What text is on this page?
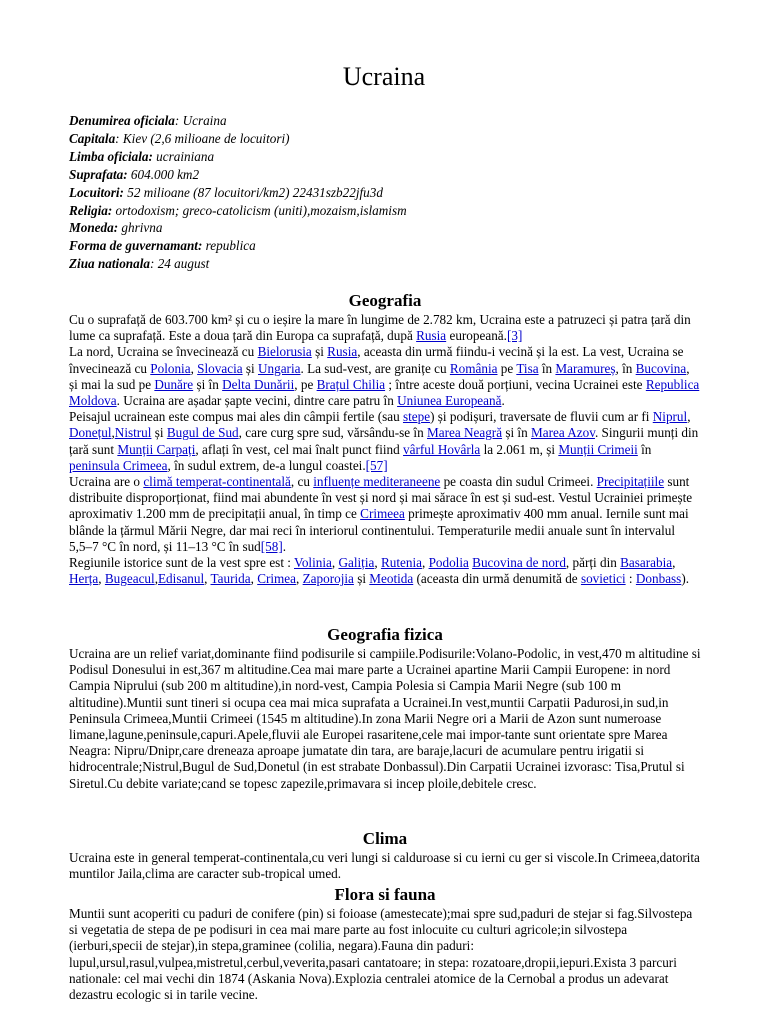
Ucraina
Denumirea oficiala: Ucraina
Capitala: Kiev (2,6 milioane de locuitori)
Limba oficiala: ucrainiana
Suprafata: 604.000 km2
Locuitori: 52 milioane (87 locuitori/km2) 22431szb22jfu3d
Religia: ortodoxism; greco-catolicism (uniti),mozaism,islamism
Moneda: ghrivna
Forma de guvernamant: republica
Ziua nationala: 24 august
Geografia

Cu o suprafață de 603.700 km² și cu o ieșire la mare în lungime de 2.782 km, Ucraina este a patruzeci și patra țară din lume ca suprafață. Este a doua țară din Europa ca suprafață, după Rusia europeană.[3]

La nord, Ucraina se învecinează cu Bielorusia și Rusia, aceasta din urmă fiindu-i vecină și la est. La vest, Ucraina se învecinează cu Polonia, Slovacia și Ungaria. La sud-vest, are granițe cu România pe Tisa în Maramureș, în Bucovina, și mai la sud pe Dunăre și în Delta Dunării, pe Brațul Chilia ; între aceste două porțiuni, vecina Ucrainei este Republica Moldova. Ucraina are așadar șapte vecini, dintre care patru în Uniunea Europeană.

Peisajul ucrainean este compus mai ales din câmpii fertile (sau stepe) și podișuri, traversate de fluvii cum ar fi Niprul, Donețul,Nistrul și Bugul de Sud, care curg spre sud, vărsându-se în Marea Neagră și în Marea Azov. Singurii munți din țară sunt Munții Carpați, aflați în vest, cel mai înalt punct fiind vârful Hovârla la 2.061 m, și Munții Crimeii în peninsula Crimeea, în sudul extrem, de-a lungul coastei.[57]

Ucraina are o climă temperat-continentală, cu influențe mediteraneene pe coasta din sudul Crimeei. Precipitațiile sunt distribuite disproporționat, fiind mai abundente în vest și nord și mai sărace în est și sud-est. Vestul Ucrainiei primește aproximativ 1.200 mm de precipitații anual, în timp ce Crimeea primește aproximativ 400 mm anual. Iernile sunt mai blânde la țărmul Mării Negre, dar mai reci în interiorul continentului. Temperaturile medii anuale sunt în intervalul 5,5–7 °C în nord, și 11–13 °C în sud[58].

Regiunile istorice sunt de la vest spre est : Volinia, Galiția, Rutenia, Podolia Bucovina de nord, părți din Basarabia, Herța, Bugeacul,Edisanul, Taurida, Crimea, Zaporojia și Meotida (aceasta din urmă denumită de sovietici : Donbass).

Geografia fizica

Ucraina are un relief variat,dominante fiind podisurile si campiile.Podisurile:Volano-Podolic, in vest,470 m altitudine si Podisul Donesului in est,367 m altitudine.Cea mai mare parte a Ucrainei apartine Marii Campii Europene: in nord Campia Niprului (sub 200 m altitudine),in nord-vest, Campia Polesia si Campia Marii Negre (sub 100 m altitudine).Muntii sunt tineri si ocupa cea mai mica suprafata a Ucrainei.In vest,muntii Carpatii Padurosi,in sud,in Peninsula Crimeea,Muntii Crimeei (1545 m altitudine).In zona Marii Negre ori a Marii de Azon sunt numeroase limane,lagune,peninsule,capuri.Apele,fluvii ale Europei rasaritene,cele mai impor-tante sunt orientate spre Marea Neagra: Nipru/Dnipr,care dreneaza aproape jumatate din tara, are baraje,lacuri de acumulare pentru irigatii si hidrocentrale;Nistrul,Bugul de Sud,Donetul (in est strabate Donbassul).Din Carpatii Ucrainei izvorasc: Tisa,Prutul si Siretul.Cu debite variate;cand se topesc zapezile,primavara si incep ploile,debitele cresc.

Clima

Ucraina este in general temperat-continentala,cu veri lungi si calduroase si cu ierni cu ger si viscole.In Crimeea,datorita muntilor Jaila,clima are caracter sub-tropical umed.

Flora si fauna

Muntii sunt acoperiti cu paduri de conifere (pin) si foioase (amestecate);mai spre sud,paduri de stejar si fag.Silvostepa si vegetatia de stepa de pe podisuri in cea mai mare parte au fost inlocuite cu culturi agricole;in silvostepa (ierburi,specii de stejar),in stepa,graminee (colilia, negara).Fauna din paduri: lupul,ursul,rasul,vulpea,mistretul,cerbul,veverita,pasari cantatoare; in stepa: rozatoare,dropii,iepuri.Exista 3 parcuri nationale: cel mai vechi din 1874 (Askania Nova).Explozia centralei atomice de la Cernobal a produs un adevarat dezastru ecologic si in tarile vecine.
